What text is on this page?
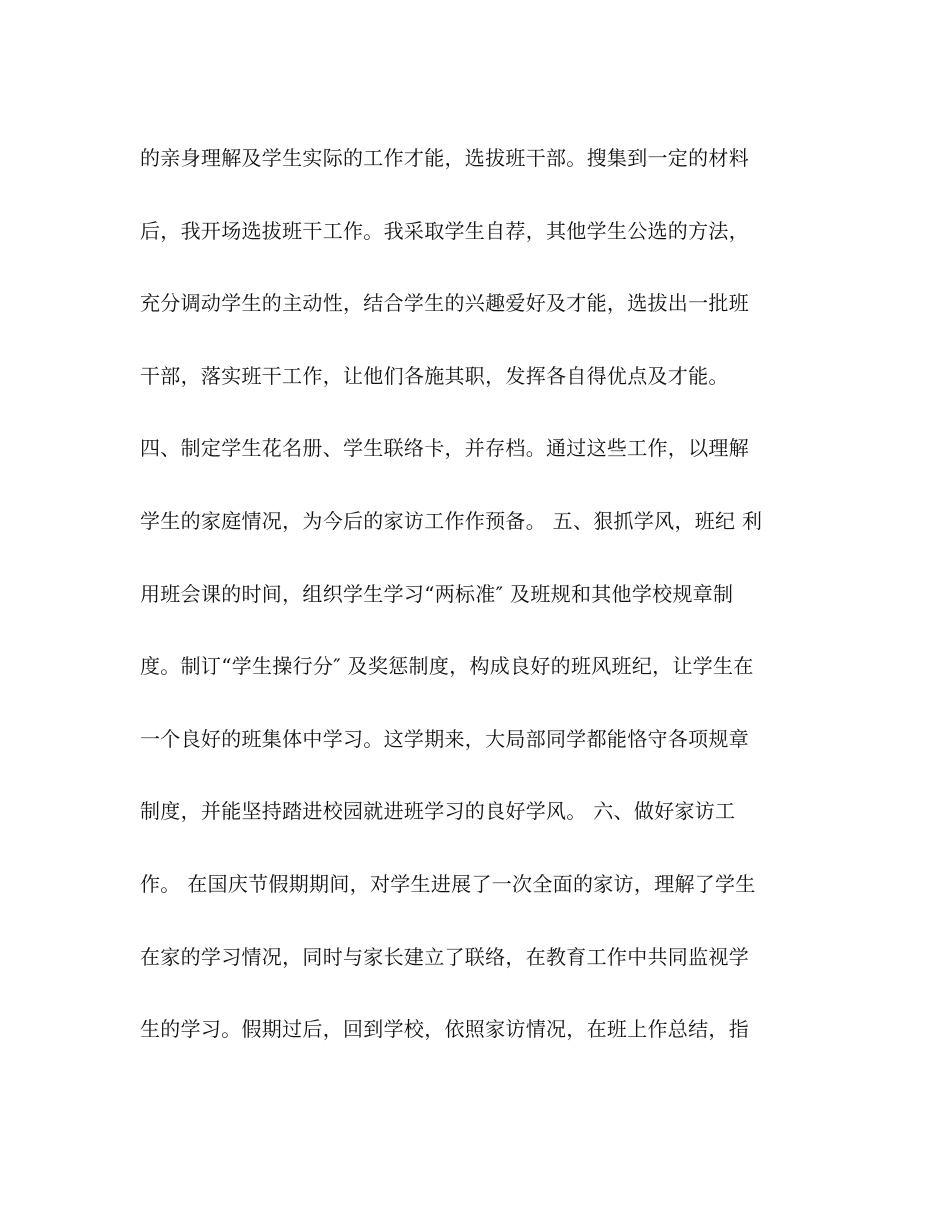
的亲身理解及学生实际的工作才能，选拔班干部。搜集到一定的材料
后，我开场选拔班干工作。我采取学生自荐，其他学生公选的方法，
充分调动学生的主动性，结合学生的兴趣爱好及才能，选拔出一批班
干部，落实班干工作，让他们各施其职，发挥各自得优点及才能。
四、制定学生花名册、学生联络卡，并存档。通过这些工作，以理解
学生的家庭情况，为今后的家访工作作预备。 五、狠抓学风，班纪 利
用班会课的时间，组织学生学习“两标准″ 及班规和其他学校规章制
度。制订“学生操行分″ 及奖惩制度，构成良好的班风班纪，让学生在
一个良好的班集体中学习。这学期来，大局部同学都能恪守各项规章
制度，并能坚持踏进校园就进班学习的良好学风。 六、做好家访工
作。 在国庆节假期期间，对学生进展了一次全面的家访，理解了学生
在家的学习情况，同时与家长建立了联络，在教育工作中共同监视学
生的学习。假期过后，回到学校，依照家访情况，在班上作总结，指
